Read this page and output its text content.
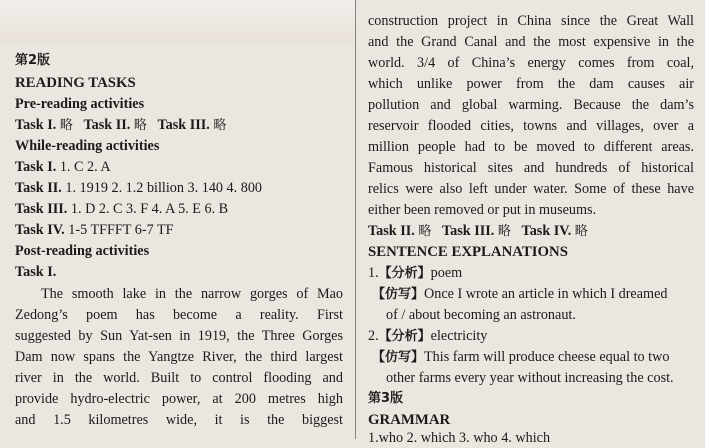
第2版
READING TASKS
Pre-reading activities
Task I. 略 Task II. 略 Task III. 略
While-reading activities
Task I. 1. C 2. A
Task II. 1. 1919 2. 1.2 billion 3. 140 4. 800
Task III. 1. D 2. C 3. F 4. A 5. E 6. B
Task IV. 1-5 TFFFT 6-7 TF
Post-reading activities
Task I.
The smooth lake in the narrow gorges of Mao
Zedong’s poem has become a reality. First
suggested by Sun Yat-sen in 1919, the Three Gorges
Dam now spans the Yangtze River, the third largest
river in the world. Built to control flooding and
provide hydro-electric power, at 200 metres high
and 1.5 kilometres wide, it is the biggest
construction project in China since the Great Wall
and the Grand Canal and the most expensive in the
world. 3/4 of China’s energy comes from coal,
which unlike power from the dam causes air
pollution and global warming. Because the dam’s
reservoir flooded cities, towns and villages, over a
million people had to be moved to different areas.
Famous historical sites and hundreds of historical
relics were also left under water. Some of these have
either been removed or put in museums.
Task II. 略 Task III. 略 Task IV. 略
SENTENCE EXPLANATIONS
1.【分析】poem
【仿写】Once I wrote an article in which I dreamed
of / about becoming an astronaut.
2.【分析】electricity
【仿写】This farm will produce cheese equal to two
other farms every year without increasing the cost.
第3版
GRAMMAR
1.who 2. which 3. who 4. which
